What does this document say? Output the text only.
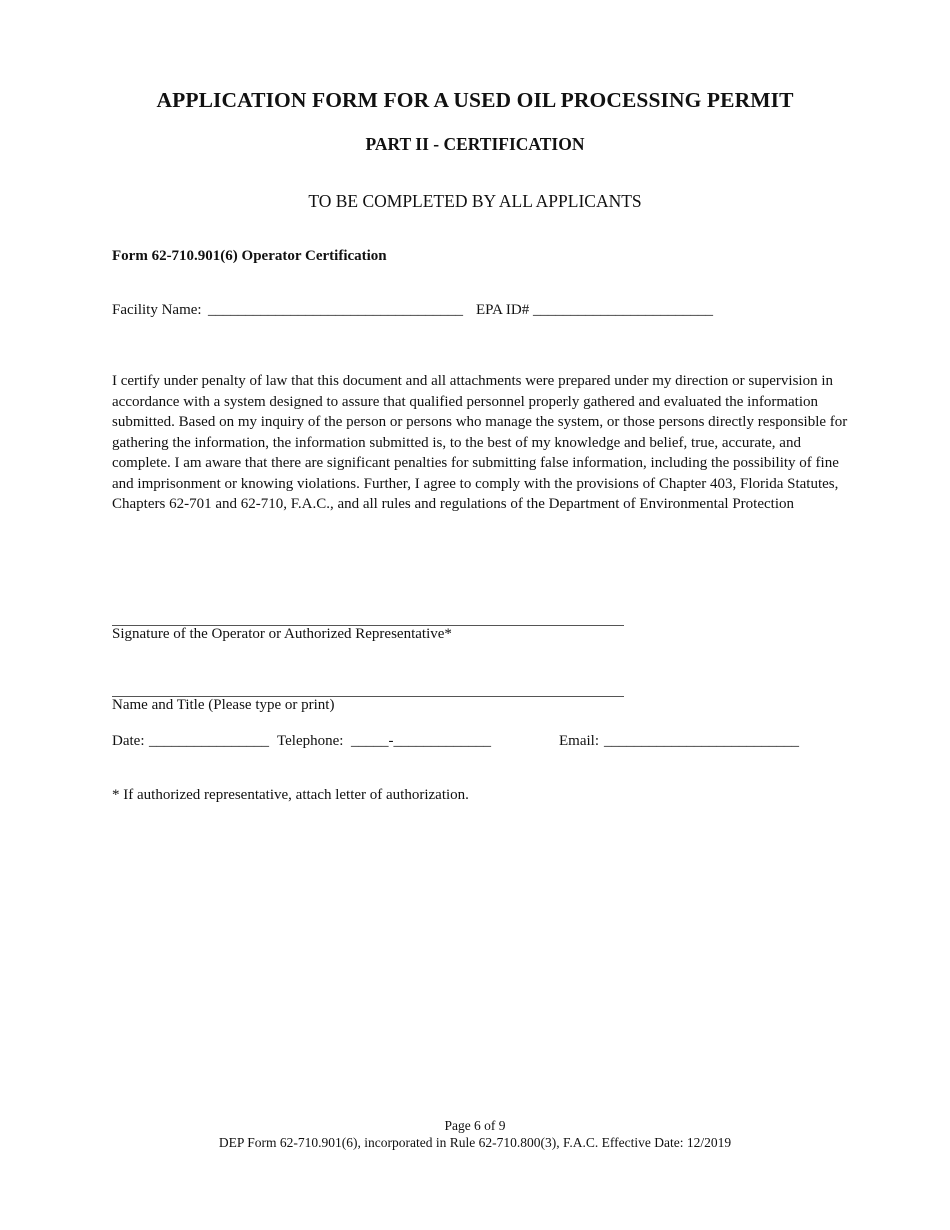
APPLICATION FORM FOR A USED OIL PROCESSING PERMIT
PART II - CERTIFICATION
TO BE COMPLETED BY ALL APPLICANTS
Form 62-710.901(6) Operator Certification
Facility Name: __________________________________ EPA ID# ________________________

I certify under penalty of law that this document and all attachments were prepared under my direction or supervision in accordance with a system designed to assure that qualified personnel properly gathered and evaluated the information submitted. Based on my inquiry of the person or persons who manage the system, or those persons directly responsible for gathering the information, the information submitted is, to the best of my knowledge and belief, true, accurate, and complete. I am aware that there are significant penalties for submitting false information, including the possibility of fine and imprisonment or knowing violations. Further, I agree to comply with the provisions of Chapter 403, Florida Statutes, Chapters 62-701 and 62-710, F.A.C., and all rules and regulations of the Department of Environmental Protection

Signature of the Operator or Authorized Representative*
Name and Title (Please type or print)
Date: ________________ Telephone: _____-_____________	Email: __________________________
* If authorized representative, attach letter of authorization.
Page 6 of 9
DEP Form 62-710.901(6), incorporated in Rule 62-710.800(3), F.A.C. Effective Date: 12/2019
